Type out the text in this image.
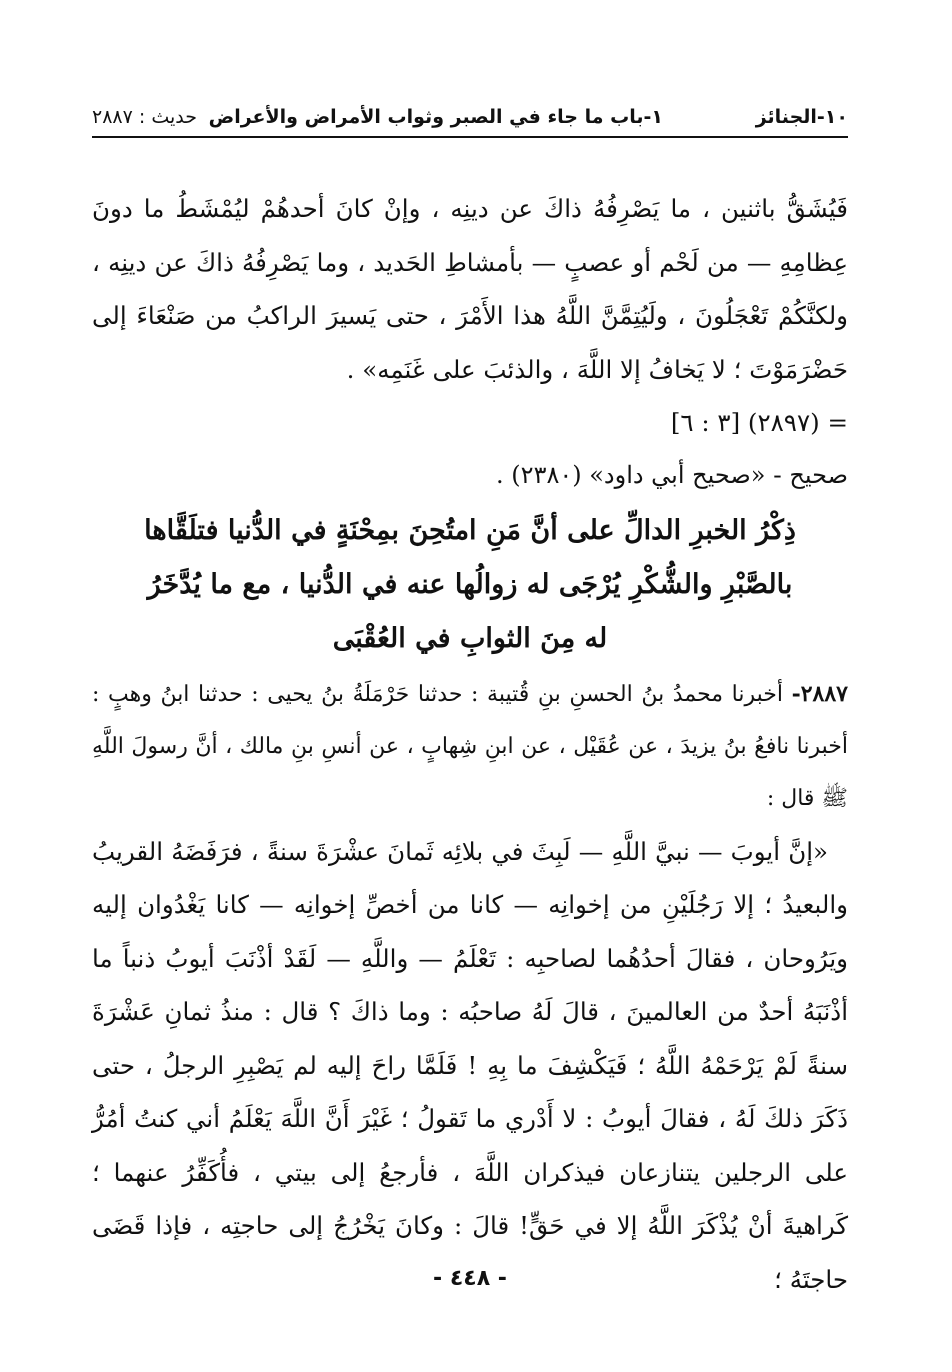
١٠-الجنائز
١-باب ما جاء في الصبر وثواب الأمراض والأعراض
حديث : ٢٨٨٧

فَيُشَقُّ باثنين ، ما يَصْرِفُهُ ذاكَ عن دينِه ، وإنْ كانَ أحدهُمْ ليُمْشَطُ ما دونَ عِظامِهِ — من لَحْم أو عصبٍ — بأمشاطِ الحَديد ، وما يَصْرِفُهُ ذاكَ عن دينِه ، ولكنَّكُمْ تَعْجَلُونَ ، ولَيُتِمَّنَّ اللَّهُ هذا الأَمْرَ ، حتى يَسيرَ الراكبُ من صَنْعَاءَ إلى حَضْرَمَوْتَ ؛ لا يَخافُ إلا اللَّهَ ، والذئبَ على غَنَمِه» .

= (٢٨٩٧) [٣ : ٦]

صحيح - «صحيح أبي داود» (٢٣٨٠) .

ذِكْرُ الخبرِ الدالِّ على أنَّ مَنِ امتُحِنَ بمِحْنَةٍ في الدُّنيا فتلَقَّاها بالصَّبْرِ والشُّكْرِ يُرْجَى له زوالُها عنه في الدُّنيا ، مع ما يُدَّخَرُ له مِنَ الثوابِ في العُقْبَى

٢٨٨٧- أخبرنا محمدُ بنُ الحسنِ بنِ قُتيبة : حدثنا حَرْمَلَةُ بنُ يحيى : حدثنا ابنُ وهبٍ : أخبرنا نافعُ بنُ يزيدَ ، عن عُقَيْل ، عن ابنِ شِهابٍ ، عن أنسِ بنِ مالك ، أنَّ رسولَ اللَّهِ ﷺ قال :

«إنَّ أيوبَ — نبيَّ اللَّهِ — لَبِثَ في بلائِه ثَمانَ عشْرَةَ سنةً ، فرَفَضَهُ القريبُ والبعيدُ ؛ إلا رَجُلَيْنِ من إخوانِه — كانا من أخصِّ إخوانِه — كانا يَغْدُوان إليه ويَرُوحان ، فقالَ أحدُهُما لصاحبِه : تَعْلَمُ — واللَّهِ — لَقَدْ أذْنَبَ أيوبُ ذنباً ما أذْنَبَهُ أحدٌ من العالمينَ ، قالَ لَهُ صاحبُه : وما ذاكَ ؟ قال : منذُ ثمانِ عَشْرَةَ سنةً لَمْ يَرْحَمْهُ اللَّهُ ؛ فَيَكْشِفَ ما بِهِ ! فَلَمَّا راحَ إليه لم يَصْبِرِ الرجلُ ، حتى ذَكَرَ ذلكَ لَهُ ، فقالَ أيوبُ : لا أَدْري ما تَقولُ ؛ غَيْرَ أَنَّ اللَّهَ يَعْلَمُ أني كنتُ أمُرُّ على الرجلين يتنازعان فيذكران اللَّهَ ، فأرجعُ إلى بيتي ، فأُكَفِّرُ عنهما ؛ كَراهيةَ أنْ يُذْكَرَ اللَّهُ إلا في حَقٍّ! قالَ : وكانَ يَخْرُجُ إلى حاجتِه ، فإذا قَضَى حاجتَهُ ؛

- ٤٤٨ -
